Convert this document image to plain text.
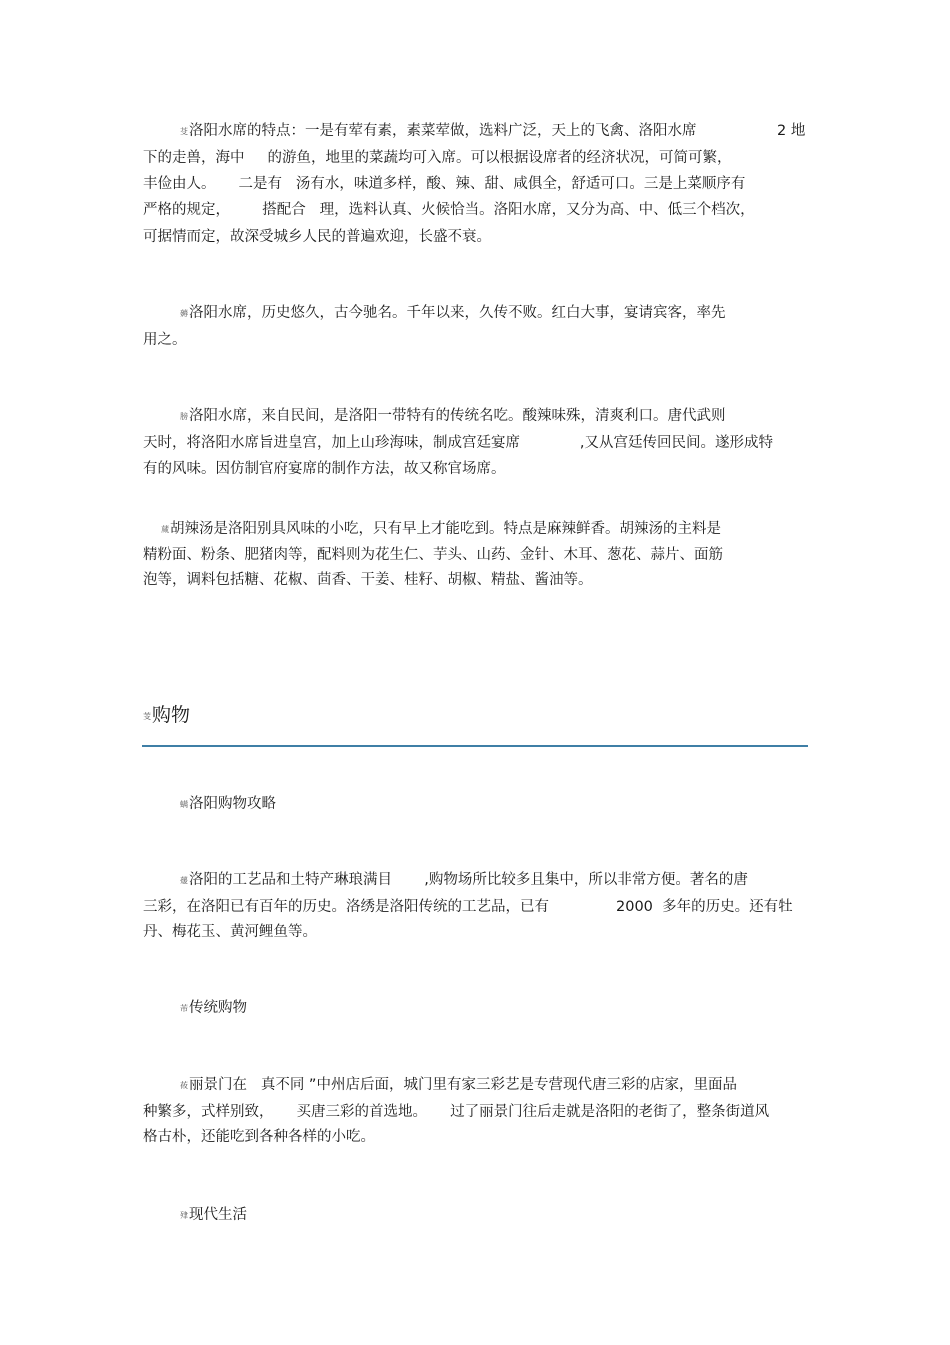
芟洛阳水席的特点：一是有荤有素，素菜荤做，选料广泛，天上的飞禽、洛阳水席	2 地
下的走兽，海中     的游鱼，地里的菜蔬均可入席。可以根据设席者的经济状况，可简可繁，
丰俭由人。     二是有   汤有水，味道多样，酸、辣、甜、咸俱全，舒适可口。三是上菜顺序有
严格的规定，       搭配合   理，选料认真、火候恰当。洛阳水席，又分为高、中、低三个档次，
可据情而定，故深受城乡人民的普遍欢迎，长盛不衰。
薅洛阳水席，历史悠久，古今驰名。千年以来，久传不败。红白大事，宴请宾客，率先
用之。
膀洛阳水席，来自民间，是洛阳一带特有的传统名吃。酸辣味殊，清爽利口。唐代武则
天时，将洛阳水席旨进皇宫，加上山珍海味，制成宫廷宴席             ,又从宫廷传回民间。遂形成特
有的风味。因仿制官府宴席的制作方法，故又称官场席。
蒇胡辣汤是洛阳别具风味的小吃，只有早上才能吃到。特点是麻辣鲜香。胡辣汤的主料是
精粉面、粉条、肥猪肉等，配料则为花生仁、芋头、山药、金针、木耳、葱花、蒜片、面筋
泡等，调料包括糖、花椒、茴香、干姜、桂籽、胡椒、精盐、酱油等。
芰购物
螨洛阳购物攻略
蕿洛阳的工艺品和土特产琳琅满目       ,购物场所比较多且集中，所以非常方便。著名的唐
三彩，在洛阳已有百年的历史。洛绣是洛阳传统的工艺品，已有	2000  多年的历史。还有牡
丹、梅花玉、黄河鲤鱼等。
芾传统购物
莜丽景门在   真不同 ”中州店后面，城门里有家三彩艺是专营现代唐三彩的店家，里面品
种繁多，式样别致，     买唐三彩的首选地。     过了丽景门往后走就是洛阳的老街了，整条街道风
格古朴，还能吃到各种各样的小吃。
肂现代生活
